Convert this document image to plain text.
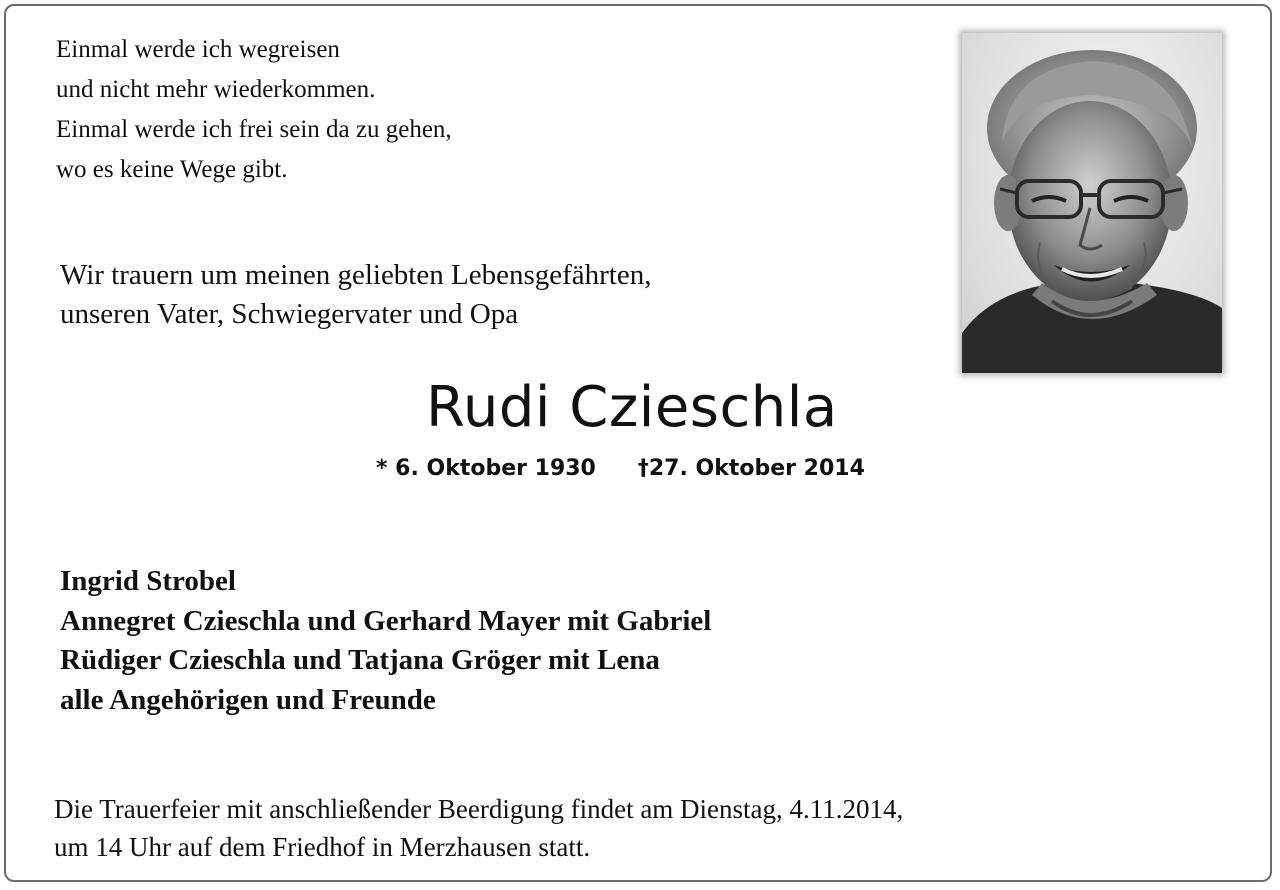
Einmal werde ich wegreisen
und nicht mehr wiederkommen.
Einmal werde ich frei sein da zu gehen,
wo es keine Wege gibt.
Wir trauern um meinen geliebten Lebensgefährten,
unseren Vater, Schwiegervater und Opa
Rudi Czieschla
* 6. Oktober 1930 †27. Oktober 2014
Ingrid Strobel
Annegret Czieschla und Gerhard Mayer mit Gabriel
Rüdiger Czieschla und Tatjana Gröger mit Lena
alle Angehörigen und Freunde
Die Trauerfeier mit anschließender Beerdigung findet am Dienstag, 4.11.2014,
um 14 Uhr auf dem Friedhof in Merzhausen statt.
